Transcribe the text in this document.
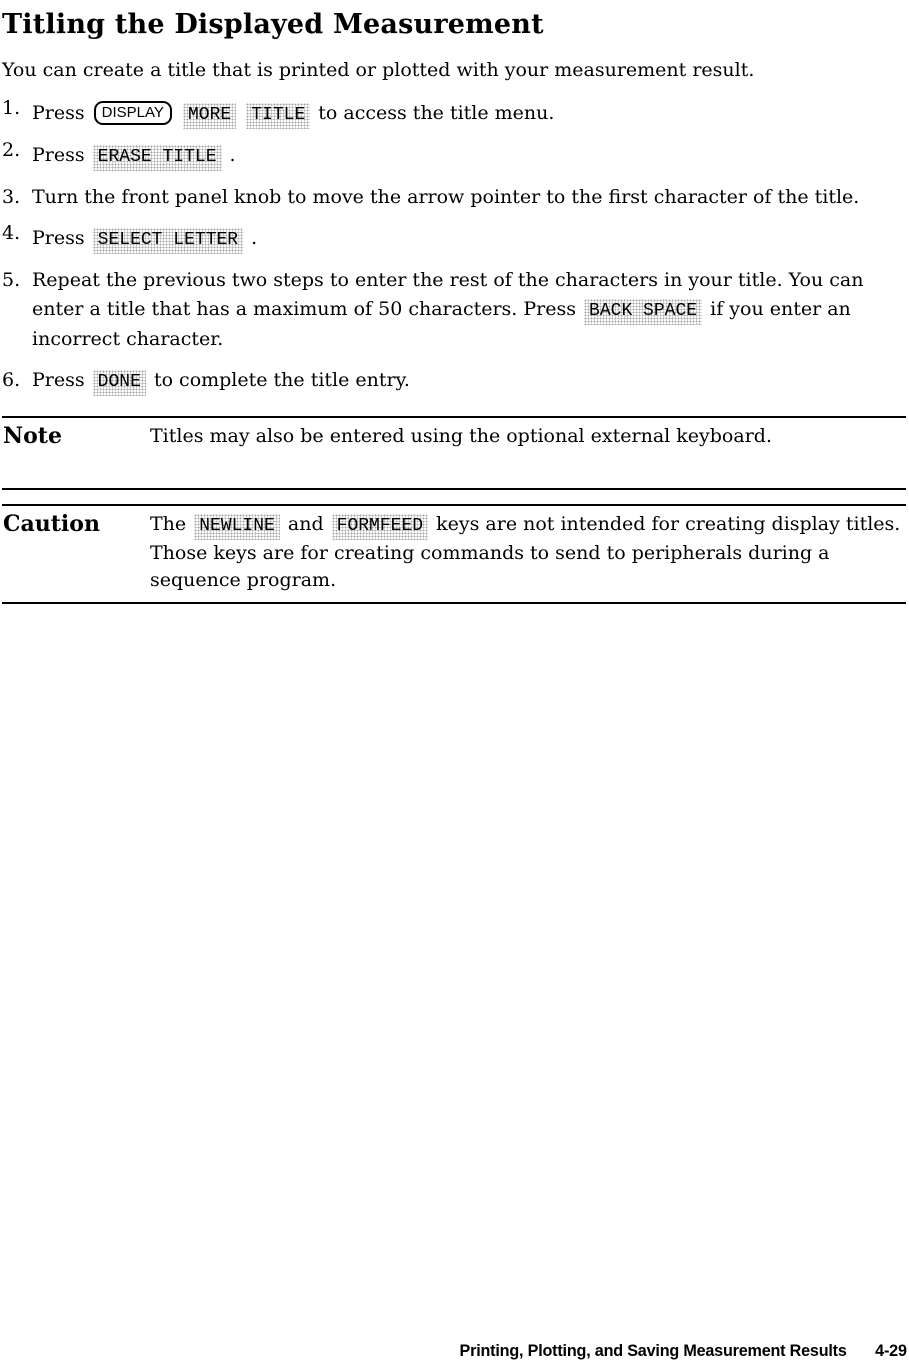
Titling the Displayed Measurement

You can create a title that is printed or plotted with your measurement result.

1. Press DISPLAY MORE TITLE to access the title menu.
2. Press ERASE TITLE .
3. Turn the front panel knob to move the arrow pointer to the first character of the title.
4. Press SELECT LETTER .
5. Repeat the previous two steps to enter the rest of the characters in your title. You can enter a title that has a maximum of 50 characters. Press BACK SPACE if you enter an incorrect character.
6. Press DONE to complete the title entry.
Note	Titles may also be entered using the optional external keyboard.
Caution	The NEWLINE and FORMFEED keys are not intended for creating display titles. Those keys are for creating commands to send to peripherals during a sequence program.
Printing, Plotting, and Saving Measurement Results 4-29
